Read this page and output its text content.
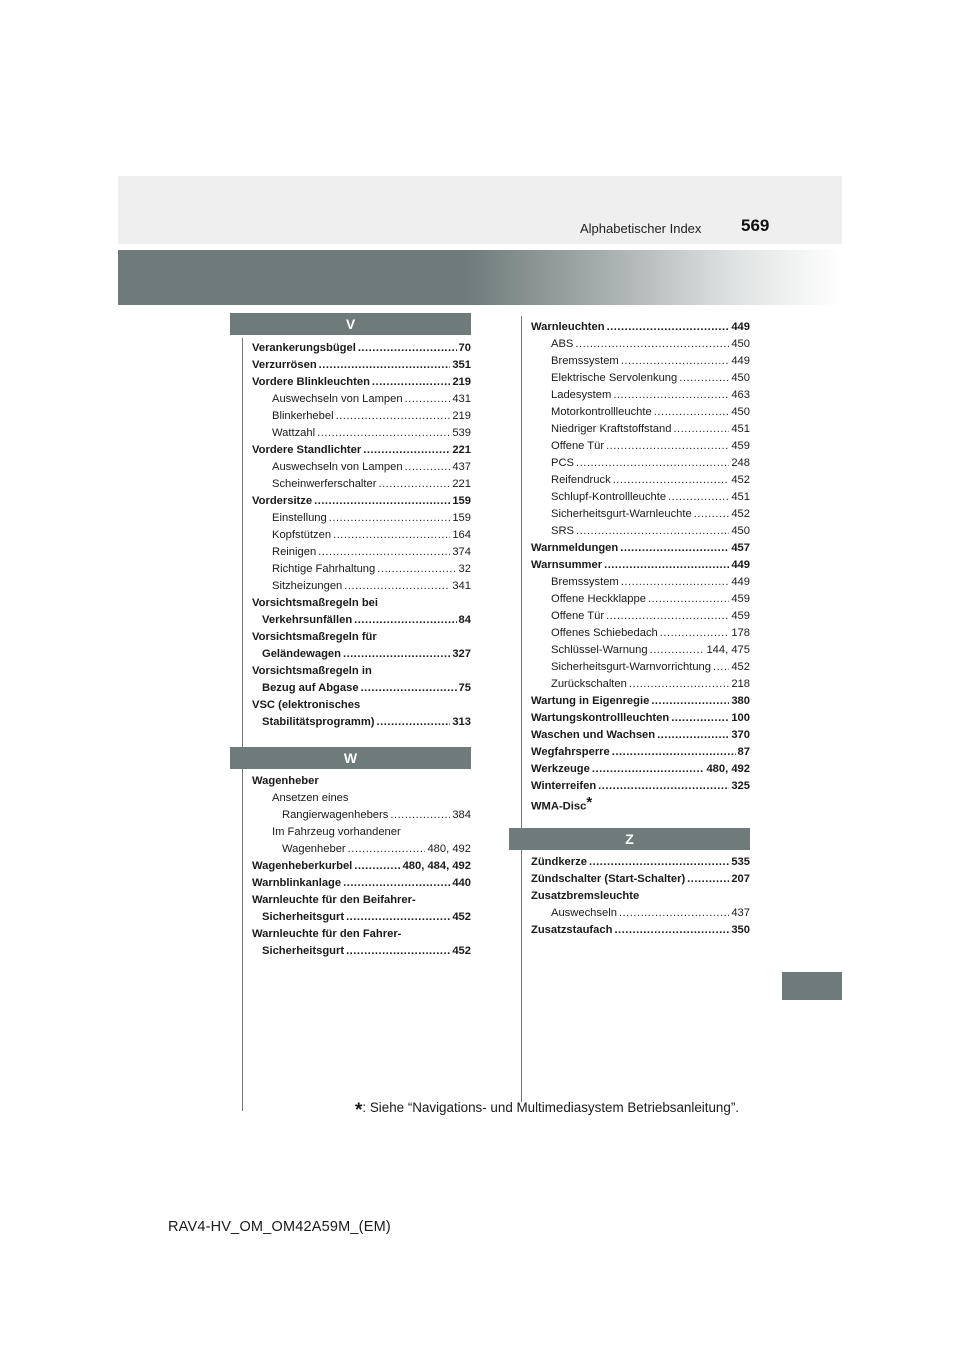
Alphabetischer Index 569
V
W
Z
Verankerungsbügel .....	70
Verzurrösen .....	351
Vordere Blinkleuchten .....	219
Auswechseln von Lampen .....	431
Blinkerhebel .....	219
Wattzahl .....	539
Vordere Standlichter .....	221
Auswechseln von Lampen .....	437
Scheinwerferschalter .....	221
Vordersitze .....	159
Einstellung .....	159
Kopfstützen .....	164
Reinigen .....	374
Richtige Fahrhaltung .....	32
Sitzheizungen .....	341
Vorsichtsmaßregeln bei
Verkehrsunfällen .....	84
Vorsichtsmaßregeln für
Geländewagen .....	327
Vorsichtsmaßregeln in
Bezug auf Abgase .....	75
VSC (elektronisches
Stabilitätsprogramm) .....	313
Wagenheber
Ansetzen eines
Rangierwagenhebers .....	384
Im Fahrzeug vorhandener
Wagenheber .....	480, 492
Wagenheberkurbel .....	480, 484, 492
Warnblinkanlage .....	440
Warnleuchte für den Beifahrer-
Sicherheitsgurt .....	452
Warnleuchte für den Fahrer-
Sicherheitsgurt .....	452
Warnleuchten .....	449
ABS .....	450
Bremssystem .....	449
Elektrische Servolenkung .....	450
Ladesystem .....	463
Motorkontrollleuchte .....	450
Niedriger Kraftstoffstand .....	451
Offene Tür .....	459
PCS .....	248
Reifendruck .....	452
Schlupf-Kontrollleuchte .....	451
Sicherheitsgurt-Warnleuchte .....	452
SRS .....	450
Warnmeldungen .....	457
Warnsummer .....	449
Bremssystem .....	449
Offene Heckklappe .....	459
Offene Tür .....	459
Offenes Schiebedach .....	178
Schlüssel-Warnung .....	144, 475
Sicherheitsgurt-Warnvorrichtung ..... 452
Zurückschalten .....	218
Wartung in Eigenregie .....	380
Wartungskontrollleuchten .....	100
Waschen und Wachsen .....	370
Wegfahrsperre .....	87
Werkzeuge .....	480, 492
Winterreifen .....	325
WMA-Disc*
Zündkerze .....	535
Zündschalter (Start-Schalter) .....	207
Zusatzbremsleuchte
Auswechseln .....	437
Zusatzstaufach .....	350
*: Siehe “Navigations- und Multimediasystem Betriebsanleitung”.
RAV4-HV_OM_OM42A59M_(EM)
